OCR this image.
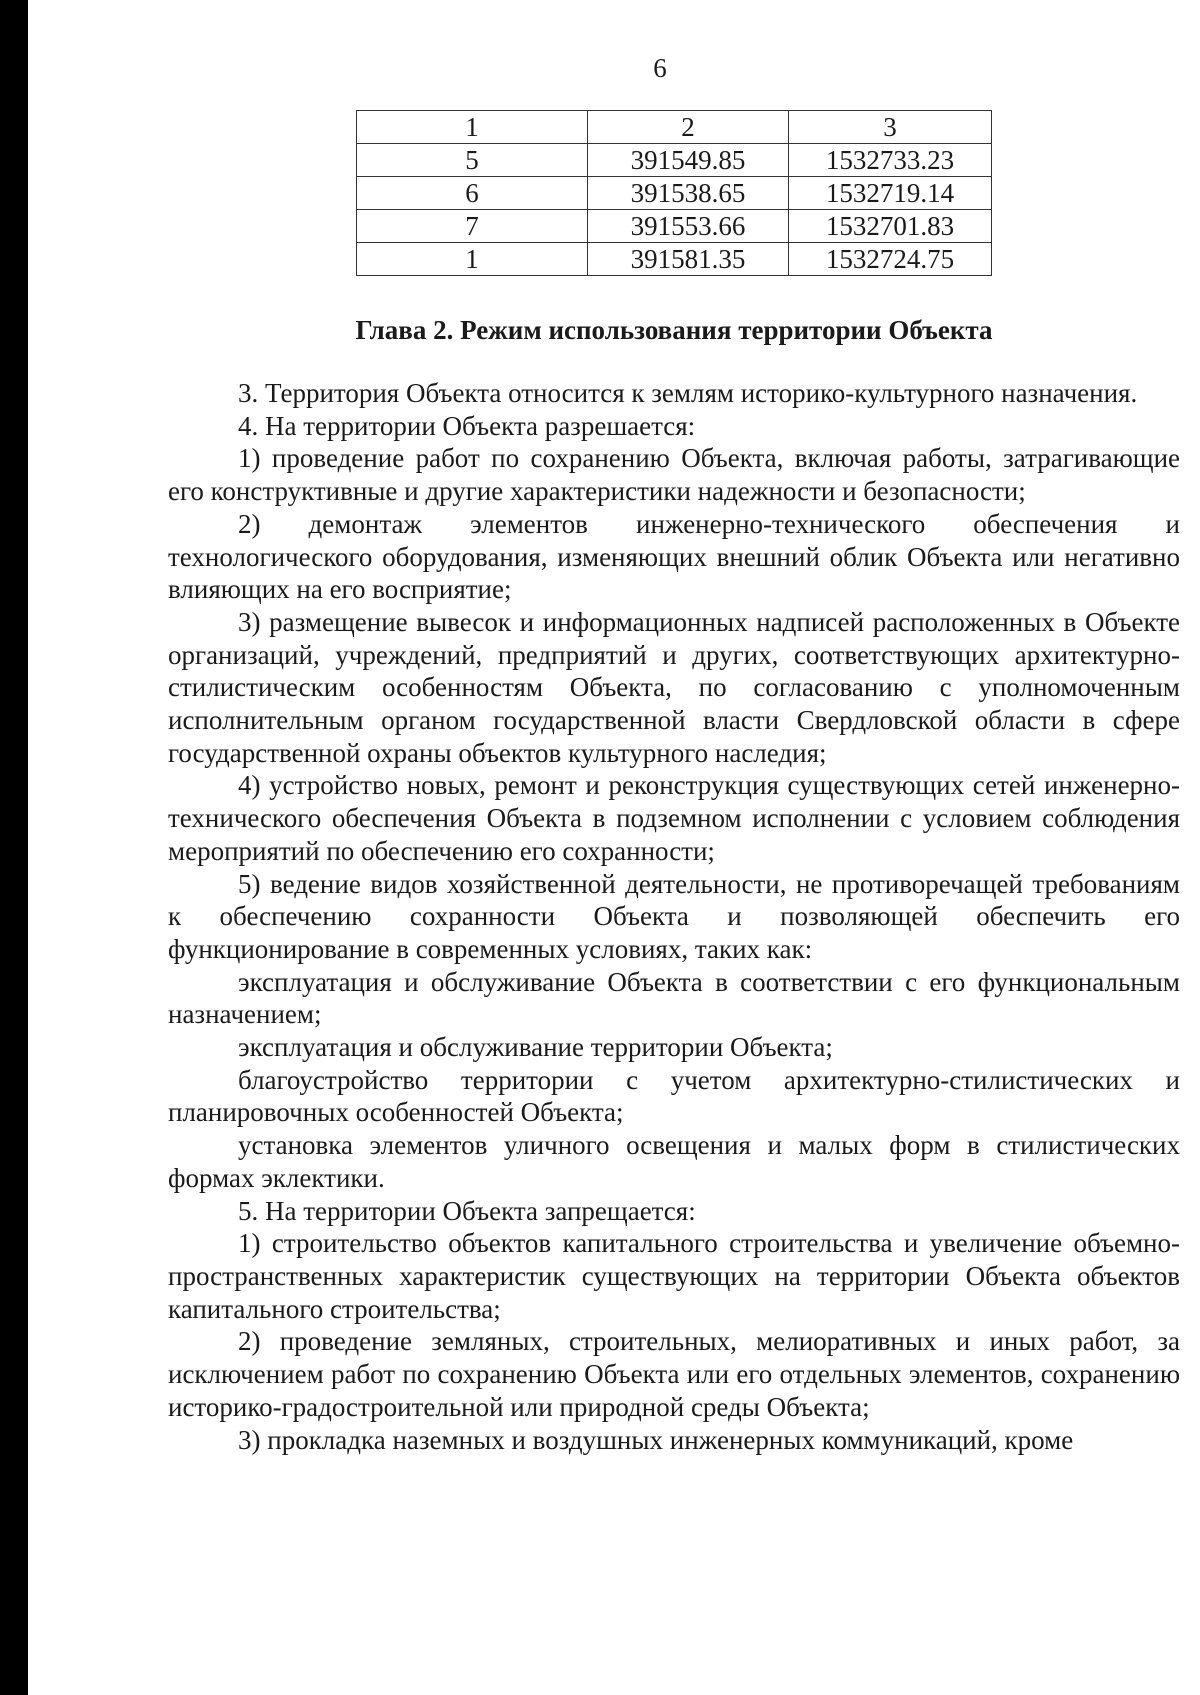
6
1	2	3
5	391549.85	1532733.23
6	391538.65	1532719.14
7	391553.66	1532701.83
1	391581.35	1532724.75
Глава 2. Режим использования территории Объекта

3. Территория Объекта относится к землям историко-культурного назначения.

4. На территории Объекта разрешается:

1) проведение работ по сохранению Объекта, включая работы, затрагивающие его конструктивные и другие характеристики надежности и безопасности;

2) демонтаж элементов инженерно-технического обеспечения и технологического оборудования, изменяющих внешний облик Объекта или негативно влияющих на его восприятие;

3) размещение вывесок и информационных надписей расположенных в Объекте организаций, учреждений, предприятий и других, соответствующих архитектурно-стилистическим особенностям Объекта, по согласованию с уполномоченным исполнительным органом государственной власти Свердловской области в сфере государственной охраны объектов культурного наследия;

4) устройство новых, ремонт и реконструкция существующих сетей инженерно-технического обеспечения Объекта в подземном исполнении с условием соблюдения мероприятий по обеспечению его сохранности;

5) ведение видов хозяйственной деятельности, не противоречащей требованиям к обеспечению сохранности Объекта и позволяющей обеспечить его функционирование в современных условиях, таких как:

эксплуатация и обслуживание Объекта в соответствии с его функциональным назначением;

эксплуатация и обслуживание территории Объекта;

благоустройство территории с учетом архитектурно-стилистических и планировочных особенностей Объекта;

установка элементов уличного освещения и малых форм в стилистических формах эклектики.

5. На территории Объекта запрещается:

1) строительство объектов капитального строительства и увеличение объемно-пространственных характеристик существующих на территории Объекта объектов капитального строительства;

2) проведение земляных, строительных, мелиоративных и иных работ, за исключением работ по сохранению Объекта или его отдельных элементов, сохранению историко-градостроительной или природной среды Объекта;

3) прокладка наземных и воздушных инженерных коммуникаций, кроме
